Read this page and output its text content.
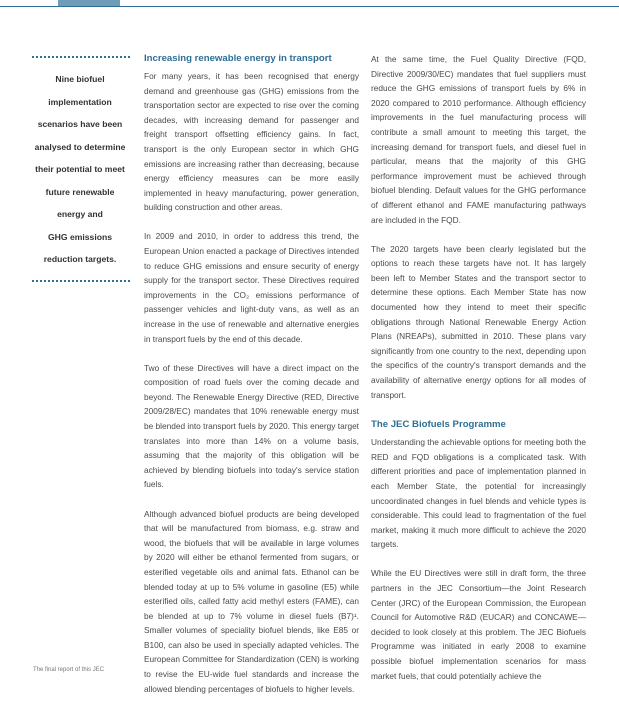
Nine biofuel
implementation
scenarios have been
analysed to determine
their potential to meet
future renewable
energy and
GHG emissions
reduction targets.
Increasing renewable energy in transport

For many years, it has been recognised that energy demand and greenhouse gas (GHG) emissions from the transportation sector are expected to rise over the coming decades, with increasing demand for passenger and freight transport offsetting efficiency gains. In fact, transport is the only European sector in which GHG emissions are increasing rather than decreasing, because energy efficiency measures can be more easily implemented in heavy manufacturing, power generation, building construction and other areas.

In 2009 and 2010, in order to address this trend, the European Union enacted a package of Directives intended to reduce GHG emissions and ensure security of energy supply for the transport sector. These Directives required improvements in the CO₂ emissions performance of passenger vehicles and light-duty vans, as well as an increase in the use of renewable and alternative energies in transport fuels by the end of this decade.

Two of these Directives will have a direct impact on the composition of road fuels over the coming decade and beyond. The Renewable Energy Directive (RED, Directive 2009/28/EC) mandates that 10% renewable energy must be blended into transport fuels by 2020. This energy target translates into more than 14% on a volume basis, assuming that the majority of this obligation will be achieved by blending biofuels into today's service station fuels.

Although advanced biofuel products are being developed that will be manufactured from biomass, e.g. straw and wood, the biofuels that will be available in large volumes by 2020 will either be ethanol fermented from sugars, or esterified vegetable oils and animal fats. Ethanol can be blended today at up to 5% volume in gasoline (E5) while esterified oils, called fatty acid methyl esters (FAME), can be blended at up to 7% volume in diesel fuels (B7)¹. Smaller volumes of speciality biofuel blends, like E85 or B100, can also be used in specially adapted vehicles. The European Committee for Standardization (CEN) is working to revise the EU-wide fuel standards and increase the allowed blending percentages of biofuels to higher levels.

At the same time, the Fuel Quality Directive (FQD, Directive 2009/30/EC) mandates that fuel suppliers must reduce the GHG emissions of transport fuels by 6% in 2020 compared to 2010 performance. Although efficiency improvements in the fuel manufacturing process will contribute a small amount to meeting this target, the increasing demand for transport fuels, and diesel fuel in particular, means that the majority of this GHG performance improvement must be achieved through biofuel blending. Default values for the GHG performance of different ethanol and FAME manufacturing pathways are included in the FQD.

The 2020 targets have been clearly legislated but the options to reach these targets have not. It has largely been left to Member States and the transport sector to determine these options. Each Member State has now documented how they intend to meet their specific obligations through National Renewable Energy Action Plans (NREAPs), submitted in 2010. These plans vary significantly from one country to the next, depending upon the specifics of the country's transport demands and the availability of alternative energy options for all modes of transport.

The JEC Biofuels Programme

Understanding the achievable options for meeting both the RED and FQD obligations is a complicated task. With different priorities and pace of implementation planned in each Member State, the potential for increasingly uncoordinated changes in fuel blends and vehicle types is considerable. This could lead to fragmentation of the fuel market, making it much more difficult to achieve the 2020 targets.

While the EU Directives were still in draft form, the three partners in the JEC Consortium—the Joint Research Center (JRC) of the European Commission, the European Council for Automotive R&D (EUCAR) and CONCAWE—decided to look closely at this problem. The JEC Biofuels Programme was initiated in early 2008 to examine possible biofuel implementation scenarios for mass market fuels, that could potentially achieve the

The final report of this JEC
